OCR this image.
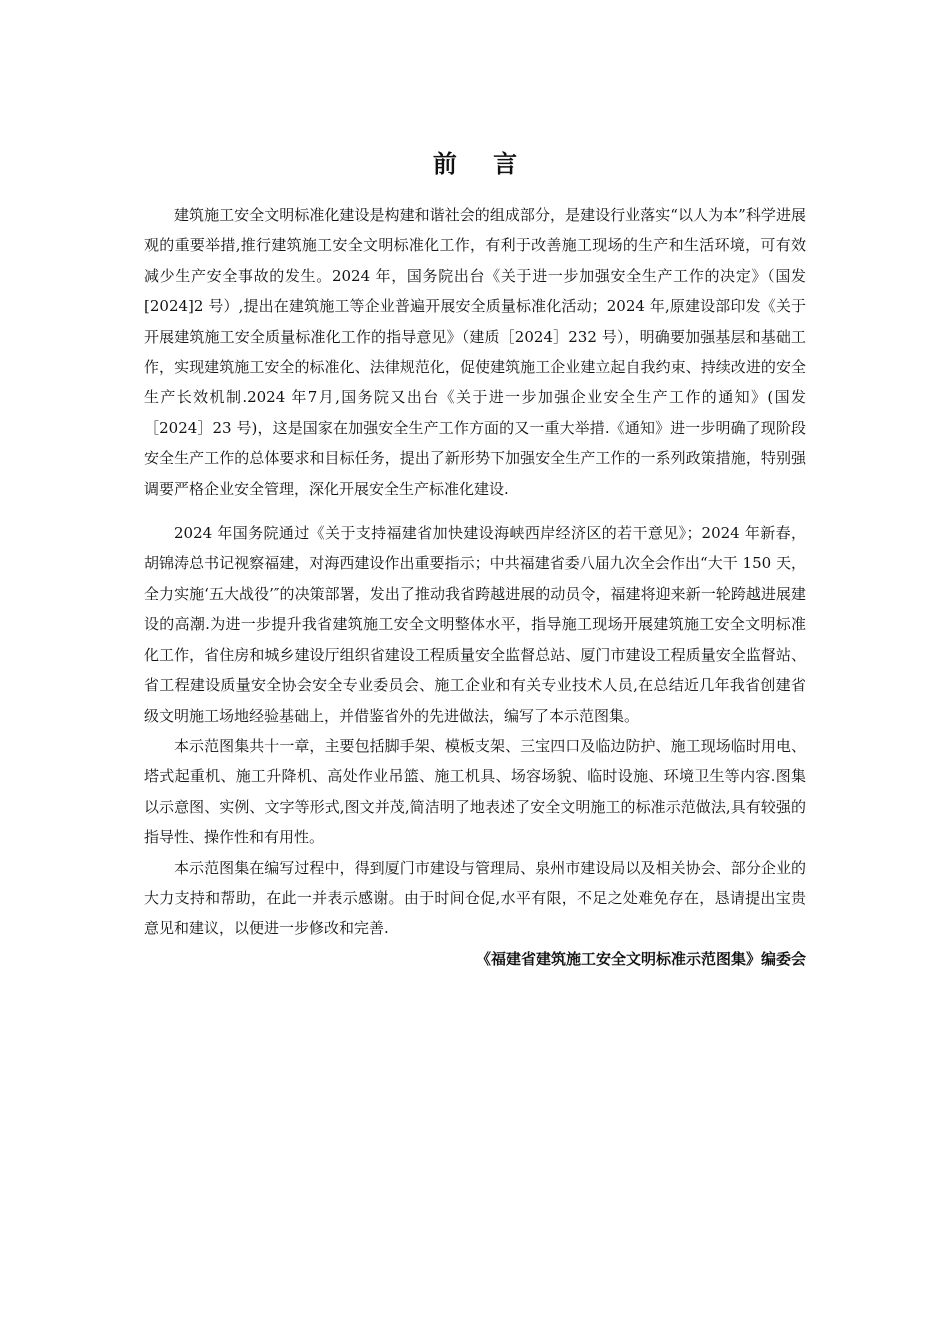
前 言

建筑施工安全文明标准化建设是构建和谐社会的组成部分，是建设行业落实“以人为本”科学进展观的重要举措,推行建筑施工安全文明标准化工作，有利于改善施工现场的生产和生活环境，可有效减少生产安全事故的发生。2024 年，国务院出台《关于进一步加强安全生产工作的决定》（国发[2024]2 号）,提出在建筑施工等企业普遍开展安全质量标准化活动；2024 年,原建设部印发《关于开展建筑施工安全质量标准化工作的指导意见》（建质［2024］232 号），明确要加强基层和基础工作，实现建筑施工安全的标准化、法律规范化，促使建筑施工企业建立起自我约束、持续改进的安全生产长效机制.2024 年7月,国务院又出台《关于进一步加强企业安全生产工作的通知》(国发［2024］23 号)，这是国家在加强安全生产工作方面的又一重大举措.《通知》进一步明确了现阶段安全生产工作的总体要求和目标任务，提出了新形势下加强安全生产工作的一系列政策措施，特别强调要严格企业安全管理，深化开展安全生产标准化建设.

2024 年国务院通过《关于支持福建省加快建设海峡西岸经济区的若干意见》；2024 年新春，胡锦涛总书记视察福建，对海西建设作出重要指示；中共福建省委八届九次全会作出“大干 150 天，全力实施‘五大战役’″的决策部署，发出了推动我省跨越进展的动员令，福建将迎来新一轮跨越进展建设的高潮.为进一步提升我省建筑施工安全文明整体水平，指导施工现场开展建筑施工安全文明标准化工作，省住房和城乡建设厅组织省建设工程质量安全监督总站、厦门市建设工程质量安全监督站、省工程建设质量安全协会安全专业委员会、施工企业和有关专业技术人员,在总结近几年我省创建省级文明施工场地经验基础上，并借鉴省外的先进做法，编写了本示范图集。

本示范图集共十一章，主要包括脚手架、模板支架、三宝四口及临边防护、施工现场临时用电、塔式起重机、施工升降机、高处作业吊篮、施工机具、场容场貌、临时设施、环境卫生等内容.图集以示意图、实例、文字等形式,图文并茂,简洁明了地表述了安全文明施工的标准示范做法,具有较强的指导性、操作性和有用性。

本示范图集在编写过程中，得到厦门市建设与管理局、泉州市建设局以及相关协会、部分企业的大力支持和帮助，在此一并表示感谢。由于时间仓促,水平有限，不足之处难免存在，恳请提出宝贵意见和建议，以便进一步修改和完善.

《福建省建筑施工安全文明标准示范图集》编委会
